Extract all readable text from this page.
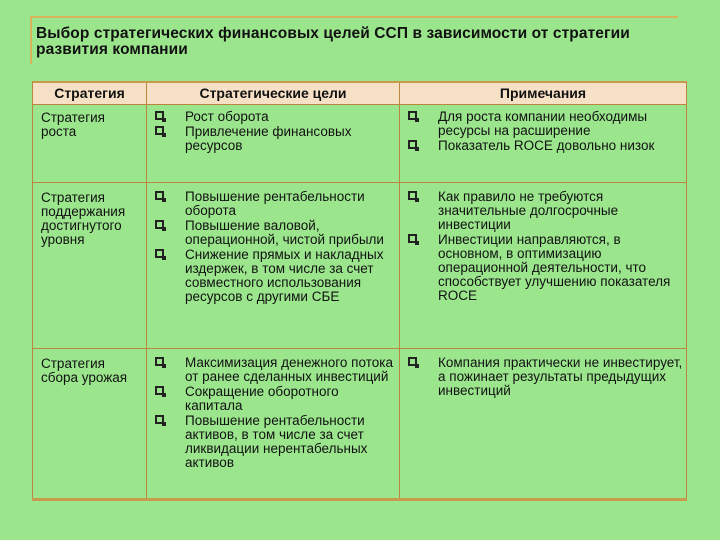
Выбор стратегических финансовых целей ССП в зависимости от стратегии развития компании
Стратегия	Стратегические цели	Примечания
Стратегия роста
Рост оборота
Привлечение финансовых ресурсов
Для роста компании необходимы ресурсы на расширение
Показатель ROCE довольно низок
Стратегия поддержания достигнутого уровня
Повышение рентабельности оборота
Повышение валовой, операционной, чистой прибыли
Снижение прямых и накладных издержек, в том числе за счет совместного использования ресурсов с другими СБЕ
Как правило не требуются значительные долгосрочные инвестиции
Инвестиции направляются, в основном, в оптимизацию операционной деятельности, что способствует улучшению показателя ROCE
Стратегия сбора урожая
Максимизация денежного потока от ранее сделанных инвестиций
Сокращение оборотного капитала
Повышение рентабельности активов, в том числе за счет ликвидации нерентабельных активов
Компания практически не инвестирует, а пожинает результаты предыдущих инвестиций
